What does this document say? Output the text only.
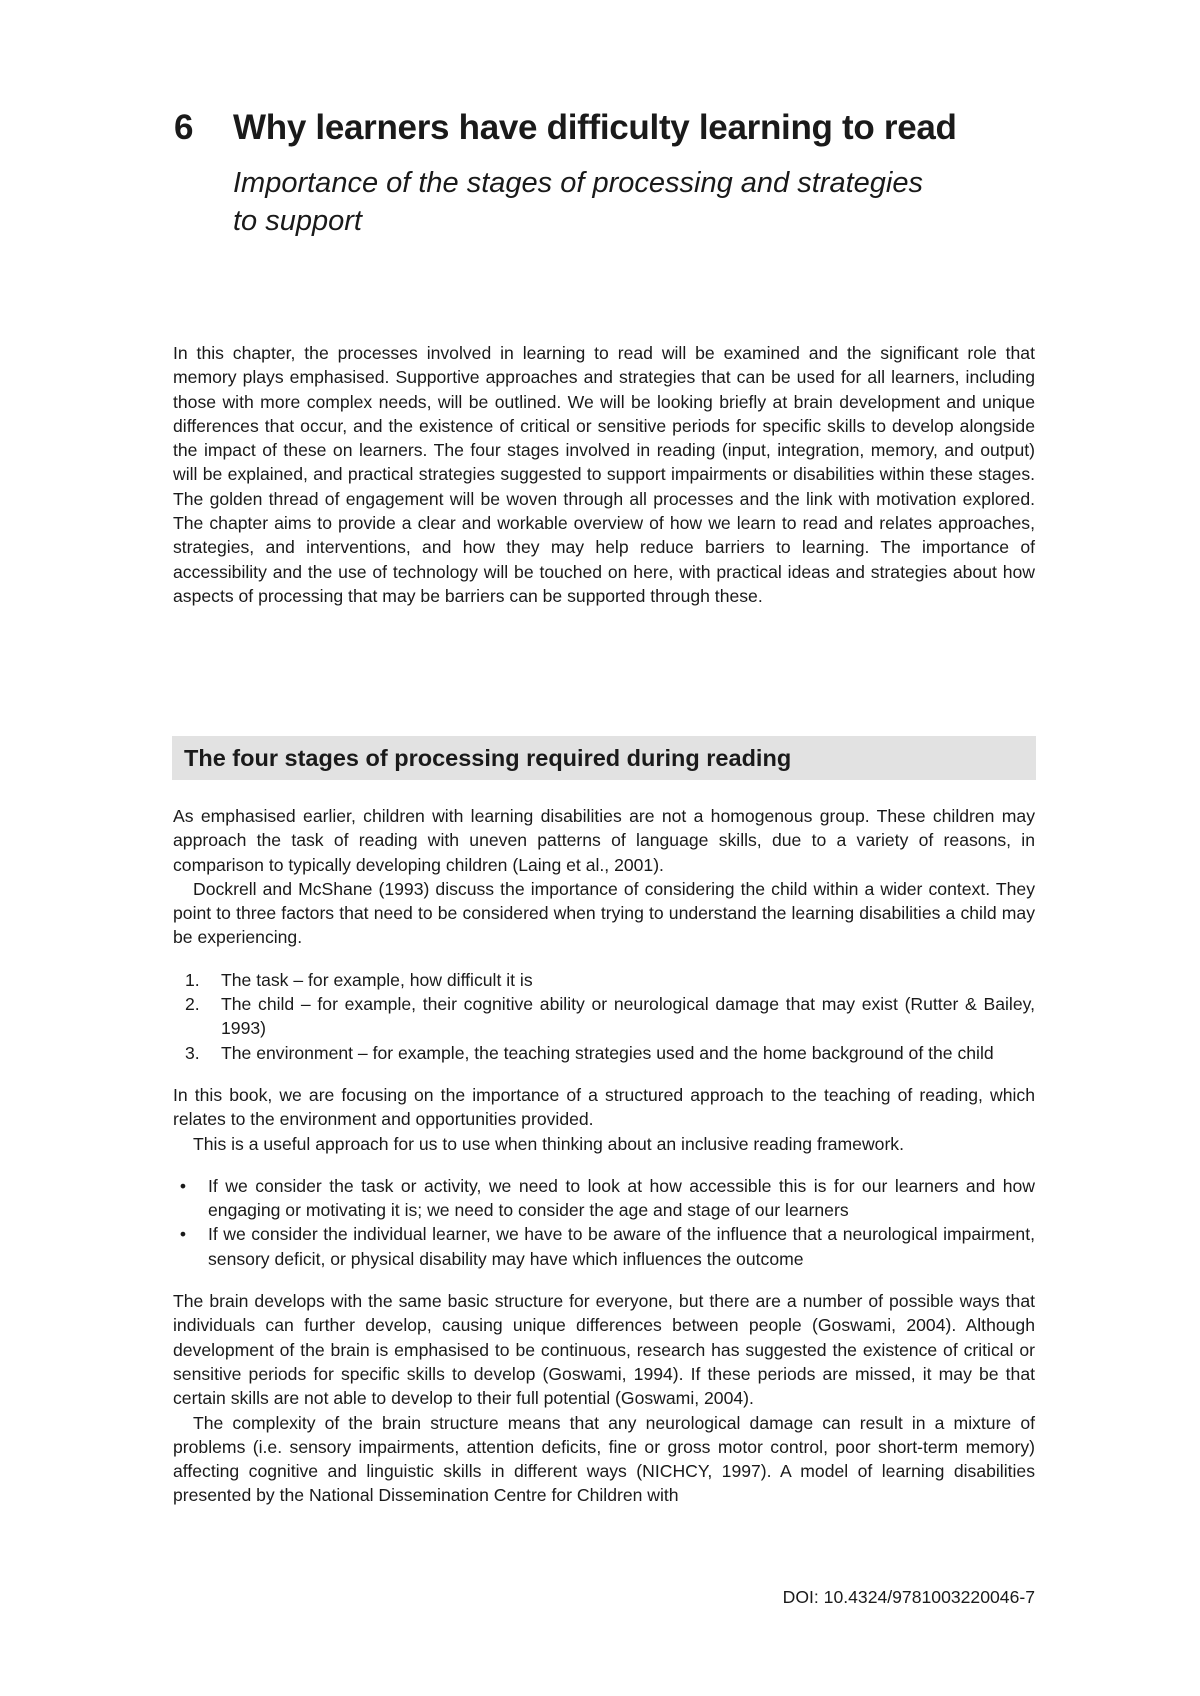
6	Why learners have difficulty learning to read
Importance of the stages of processing and strategies to support

In this chapter, the processes involved in learning to read will be examined and the significant role that memory plays emphasised. Supportive approaches and strategies that can be used for all learners, including those with more complex needs, will be outlined. We will be looking briefly at brain development and unique differences that occur, and the existence of critical or sensitive periods for specific skills to develop alongside the impact of these on learners. The four stages involved in reading (input, integration, memory, and output) will be explained, and practical strategies suggested to support impairments or disabilities within these stages. The golden thread of engagement will be woven through all processes and the link with motivation explored. The chapter aims to provide a clear and workable overview of how we learn to read and relates approaches, strategies, and interventions, and how they may help reduce barriers to learning. The importance of accessibility and the use of technology will be touched on here, with practical ideas and strategies about how aspects of processing that may be barriers can be supported through these.

The four stages of processing required during reading

As emphasised earlier, children with learning disabilities are not a homogenous group. These children may approach the task of reading with uneven patterns of language skills, due to a variety of reasons, in comparison to typically developing children (Laing et al., 2001).

Dockrell and McShane (1993) discuss the importance of considering the child within a wider context. They point to three factors that need to be considered when trying to understand the learning disabilities a child may be experiencing.

1. The task – for example, how difficult it is
2. The child – for example, their cognitive ability or neurological damage that may exist (Rutter & Bailey, 1993)
3. The environment – for example, the teaching strategies used and the home background of the child

In this book, we are focusing on the importance of a structured approach to the teaching of reading, which relates to the environment and opportunities provided.

This is a useful approach for us to use when thinking about an inclusive reading framework.

•	If we consider the task or activity, we need to look at how accessible this is for our learners and how engaging or motivating it is; we need to consider the age and stage of our learners
•	If we consider the individual learner, we have to be aware of the influence that a neurological impairment, sensory deficit, or physical disability may have which influences the outcome

The brain develops with the same basic structure for everyone, but there are a number of possible ways that individuals can further develop, causing unique differences between people (Goswami, 2004). Although development of the brain is emphasised to be continuous, research has suggested the existence of critical or sensitive periods for specific skills to develop (Goswami, 1994). If these periods are missed, it may be that certain skills are not able to develop to their full potential (Goswami, 2004).

The complexity of the brain structure means that any neurological damage can result in a mixture of problems (i.e. sensory impairments, attention deficits, fine or gross motor control, poor short-term memory) affecting cognitive and linguistic skills in different ways (NICHCY, 1997). A model of learning disabilities presented by the National Dissemination Centre for Children with

DOI: 10.4324/9781003220046-7
